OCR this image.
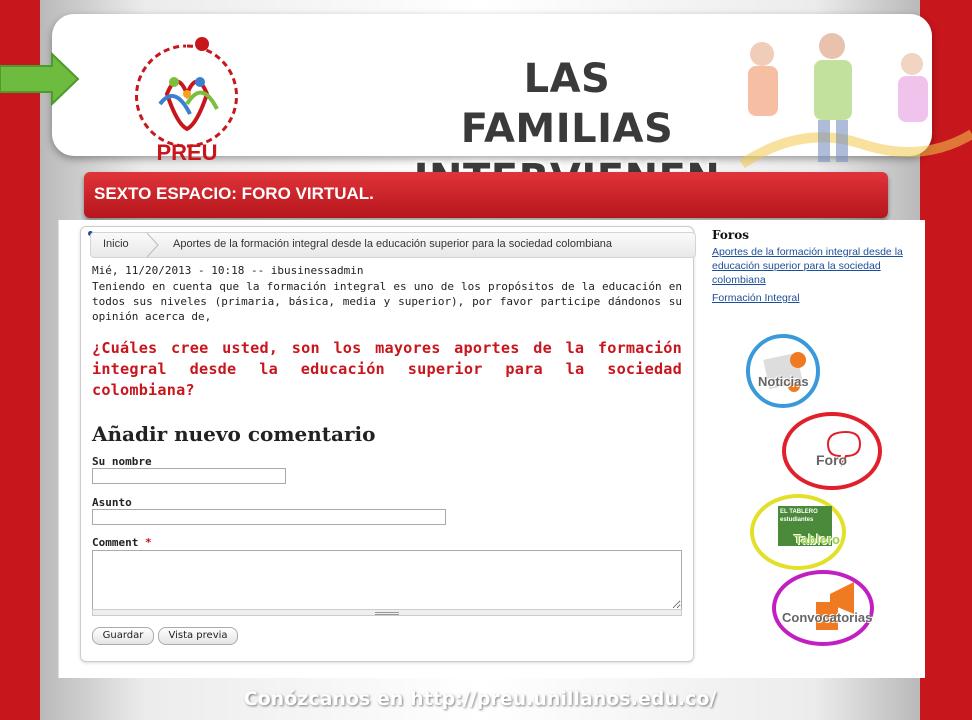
PREU
LAS FAMILIAS
SEXTO ESPACIO: FORO VIRTUAL.
Inicio	Aportes de la formación integral desde la educación superior para la sociedad colombiana
Mié, 11/20/2013 - 10:18 -- ibusinessadmin
Teniendo en cuenta que la formación integral es uno de los propósitos de la educación en todos sus niveles (primaria, básica, media y superior), por favor participe dándonos su opinión acerca de,
¿Cuáles cree usted, son los mayores aportes de la formación integral desde la educación superior para la sociedad colombiana?
Añadir nuevo comentario
Su nombre
Asunto
Comment *
Guardar	Vista previa
Foros
Aportes de la formación integral desde la educación superior para la sociedad colombiana
Formación Integral
Noticias
Foro
EL TABLERO estudiantes
Tablero
Convocatorias
Conózcanos en http://preu.unillanos.edu.co/
